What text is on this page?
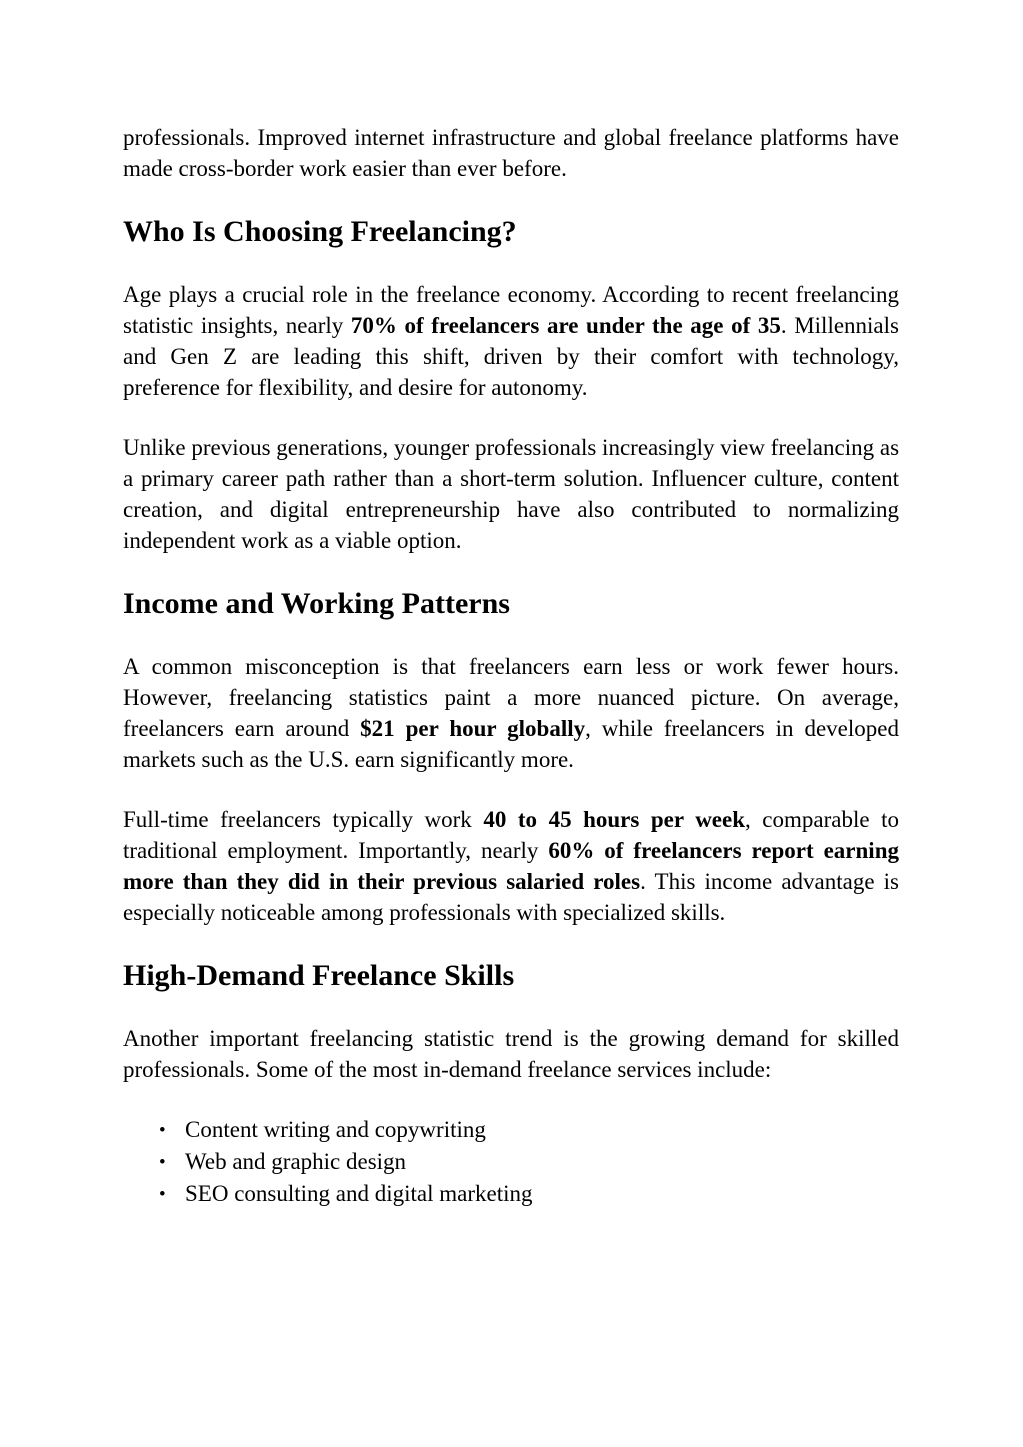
professionals. Improved internet infrastructure and global freelance platforms have made cross-border work easier than ever before.

Who Is Choosing Freelancing?

Age plays a crucial role in the freelance economy. According to recent freelancing statistic insights, nearly 70% of freelancers are under the age of 35. Millennials and Gen Z are leading this shift, driven by their comfort with technology, preference for flexibility, and desire for autonomy.

Unlike previous generations, younger professionals increasingly view freelancing as a primary career path rather than a short-term solution. Influencer culture, content creation, and digital entrepreneurship have also contributed to normalizing independent work as a viable option.

Income and Working Patterns

A common misconception is that freelancers earn less or work fewer hours. However, freelancing statistics paint a more nuanced picture. On average, freelancers earn around $21 per hour globally, while freelancers in developed markets such as the U.S. earn significantly more.

Full-time freelancers typically work 40 to 45 hours per week, comparable to traditional employment. Importantly, nearly 60% of freelancers report earning more than they did in their previous salaried roles. This income advantage is especially noticeable among professionals with specialized skills.

High-Demand Freelance Skills

Another important freelancing statistic trend is the growing demand for skilled professionals. Some of the most in-demand freelance services include:

• Content writing and copywriting
• Web and graphic design
• SEO consulting and digital marketing
